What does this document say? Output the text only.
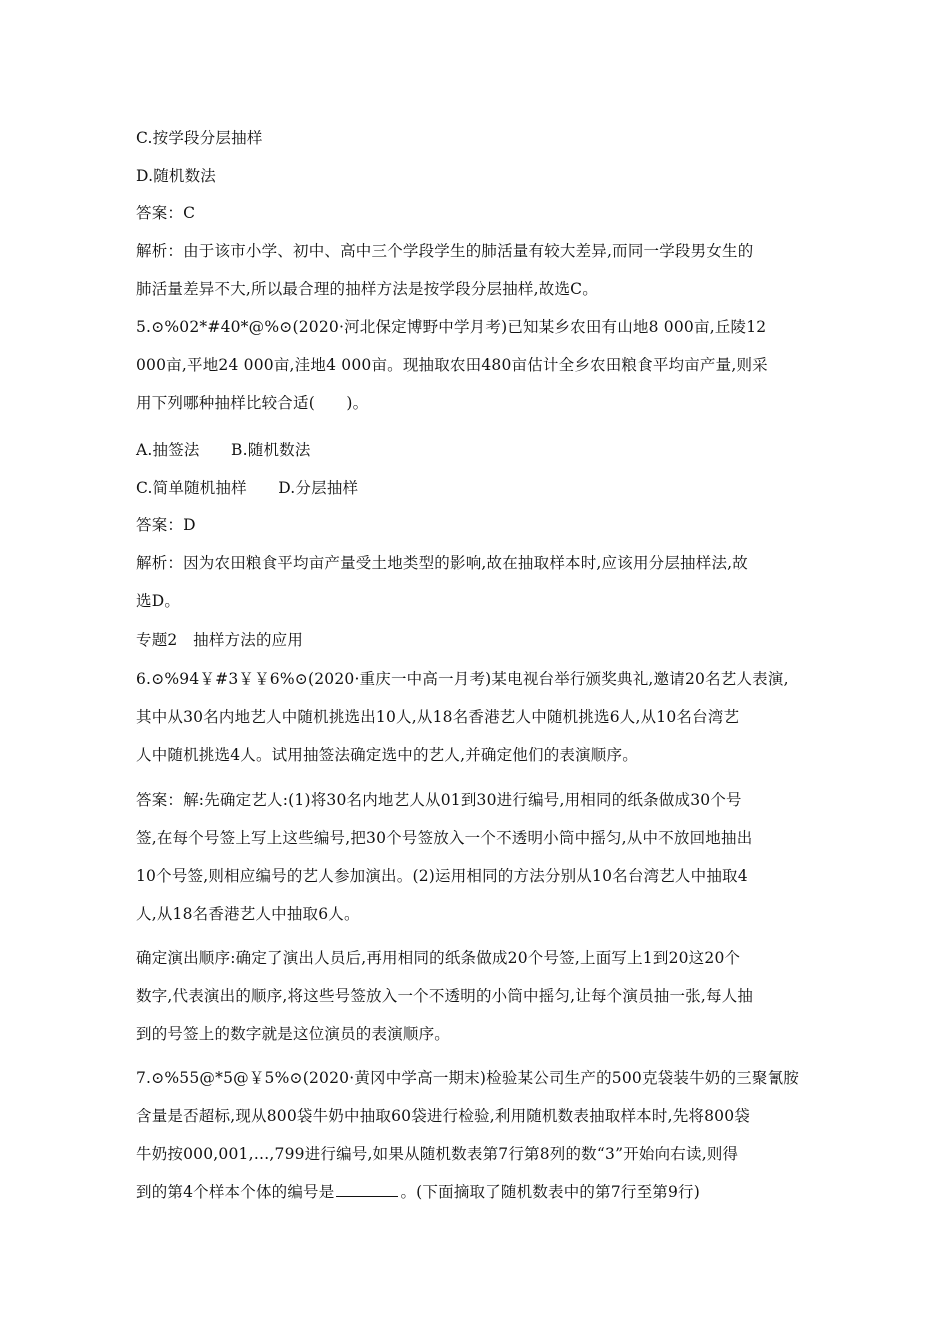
C.按学段分层抽样
D.随机数法
答案：C
解析：由于该市小学、初中、高中三个学段学生的肺活量有较大差异,而同一学段男女生的
肺活量差异不大,所以最合理的抽样方法是按学段分层抽样,故选C。
5.⊙%02*#40*@%⊙(2020·河北保定博野中学月考)已知某乡农田有山地8 000亩,丘陵12
000亩,平地24 000亩,洼地4 000亩。现抽取农田480亩估计全乡农田粮食平均亩产量,则采
用下列哪种抽样比较合适(　　)。
A.抽签法　　B.随机数法
C.简单随机抽样　　D.分层抽样
答案：D
解析：因为农田粮食平均亩产量受土地类型的影响,故在抽取样本时,应该用分层抽样法,故
选D。
专题2　抽样方法的应用
6.⊙%94￥#3￥￥6%⊙(2020·重庆一中高一月考)某电视台举行颁奖典礼,邀请20名艺人表演,
其中从30名内地艺人中随机挑选出10人,从18名香港艺人中随机挑选6人,从10名台湾艺
人中随机挑选4人。试用抽签法确定选中的艺人,并确定他们的表演顺序。
答案：解:先确定艺人:(1)将30名内地艺人从01到30进行编号,用相同的纸条做成30个号
签,在每个号签上写上这些编号,把30个号签放入一个不透明小筒中摇匀,从中不放回地抽出
10个号签,则相应编号的艺人参加演出。(2)运用相同的方法分别从10名台湾艺人中抽取4
人,从18名香港艺人中抽取6人。
确定演出顺序:确定了演出人员后,再用相同的纸条做成20个号签,上面写上1到20这20个
数字,代表演出的顺序,将这些号签放入一个不透明的小筒中摇匀,让每个演员抽一张,每人抽
到的号签上的数字就是这位演员的表演顺序。
7.⊙%55@*5@￥5%⊙(2020·黄冈中学高一期末)检验某公司生产的500克袋装牛奶的三聚氰胺
含量是否超标,现从800袋牛奶中抽取60袋进行检验,利用随机数表抽取样本时,先将800袋
牛奶按000,001,…,799进行编号,如果从随机数表第7行第8列的数“3”开始向右读,则得
到的第4个样本个体的编号是	。(下面摘取了随机数表中的第7行至第9行)
